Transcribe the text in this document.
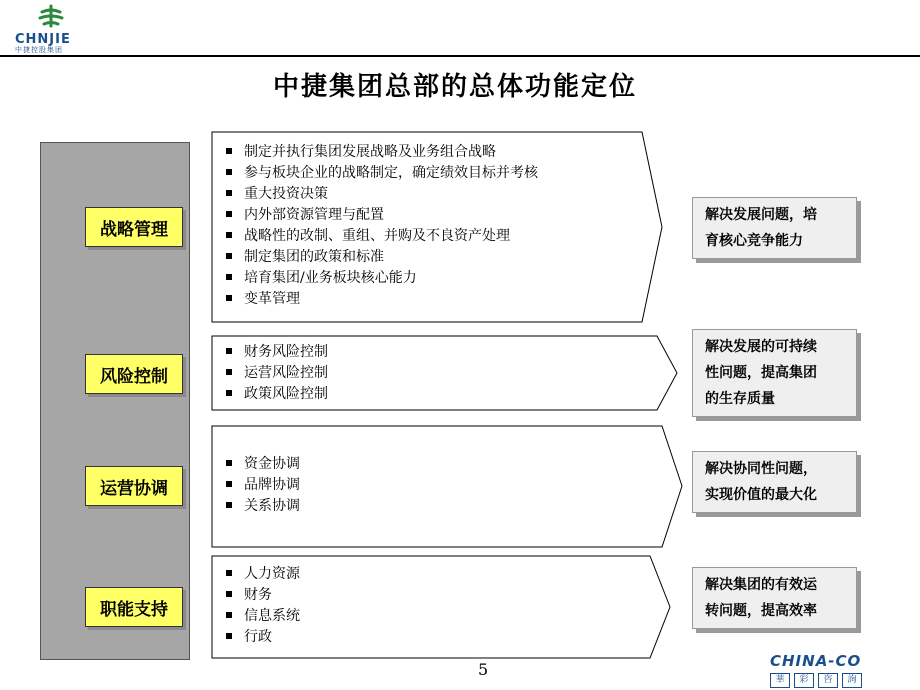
CHNJIE
中捷控股集团
中捷集团总部的总体功能定位
战略管理
制定并执行集团发展战略及业务组合战略
参与板块企业的战略制定，确定绩效目标并考核
重大投资决策
内外部资源管理与配置
战略性的改制、重组、并购及不良资产处理
制定集团的政策和标准
培育集团/业务板块核心能力
变革管理
解决发展问题，培
育核心竞争能力
风险控制
财务风险控制
运营风险控制
政策风险控制
解决发展的可持续
性问题，提高集团
的生存质量
运营协调
资金协调
品牌协调
关系协调
解决协同性问题，
实现价值的最大化
职能支持
人力资源
财务
信息系统
行政
解决集团的有效运
转问题，提高效率
5	CHINA-CO
華	彩	咨	詢
